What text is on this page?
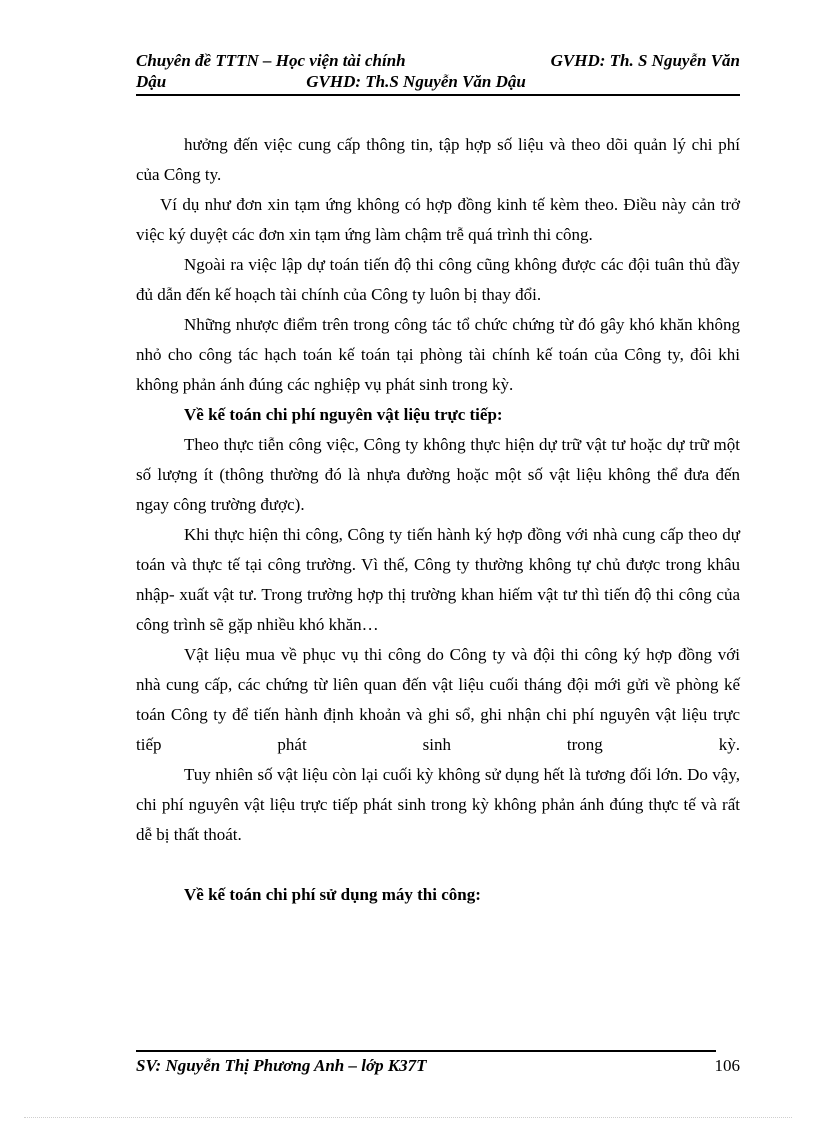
Chuyên đề TTTN – Học viện tài chính	GVHD: Th. S Nguyễn Văn
Dậu	GVHD: Th.S Nguyễn Văn Dậu

hưởng đến việc cung cấp thông tin, tập hợp số liệu và theo dõi quản lý chi phí của Công ty.

Ví dụ như đơn xin tạm ứng không có hợp đồng kinh tế kèm theo. Điều này cản trở việc ký duyệt các đơn xin tạm ứng làm chậm trễ quá trình thi công.

Ngoài ra việc lập dự toán tiến độ thi công cũng không được các đội tuân thủ đầy đủ dẫn đến kế hoạch tài chính của Công ty luôn bị thay đổi.

Những nhược điểm trên trong công tác tổ chức chứng từ đó gây khó khăn không nhỏ cho công tác hạch toán kế toán tại phòng tài chính kế toán của Công ty, đôi khi không phản ánh đúng các nghiệp vụ phát sinh trong kỳ.

Về kế toán chi phí nguyên vật liệu trực tiếp:

Theo thực tiễn công việc, Công ty không thực hiện dự trữ vật tư hoặc dự trữ một số lượng ít (thông thường đó là nhựa đường hoặc một số vật liệu không thể đưa đến ngay công trường được).

Khi thực hiện thi công, Công ty tiến hành ký hợp đồng với nhà cung cấp theo dự toán và thực tế tại công trường. Vì thế, Công ty thường không tự chủ được trong khâu nhập- xuất vật tư. Trong trường hợp thị trường khan hiếm vật tư thì tiến độ thi công của công trình sẽ gặp nhiều khó khăn…

Vật liệu mua về phục vụ thi công do Công ty và đội thi công ký hợp đồng với nhà cung cấp, các chứng từ liên quan đến vật liệu cuối tháng đội mới gửi về phòng kế toán Công ty để tiến hành định khoản và ghi sổ, ghi nhận chi phí nguyên vật liệu trực tiếp phát sinh trong kỳ.

Tuy nhiên số vật liệu còn lại cuối kỳ không sử dụng hết là tương đối lớn. Do vậy, chi phí nguyên vật liệu trực tiếp phát sinh trong kỳ không phản ánh đúng thực tế và rất dễ bị thất thoát.

Về kế toán chi phí sử dụng máy thi công:

SV: Nguyễn Thị Phương Anh – lớp K37T	106
